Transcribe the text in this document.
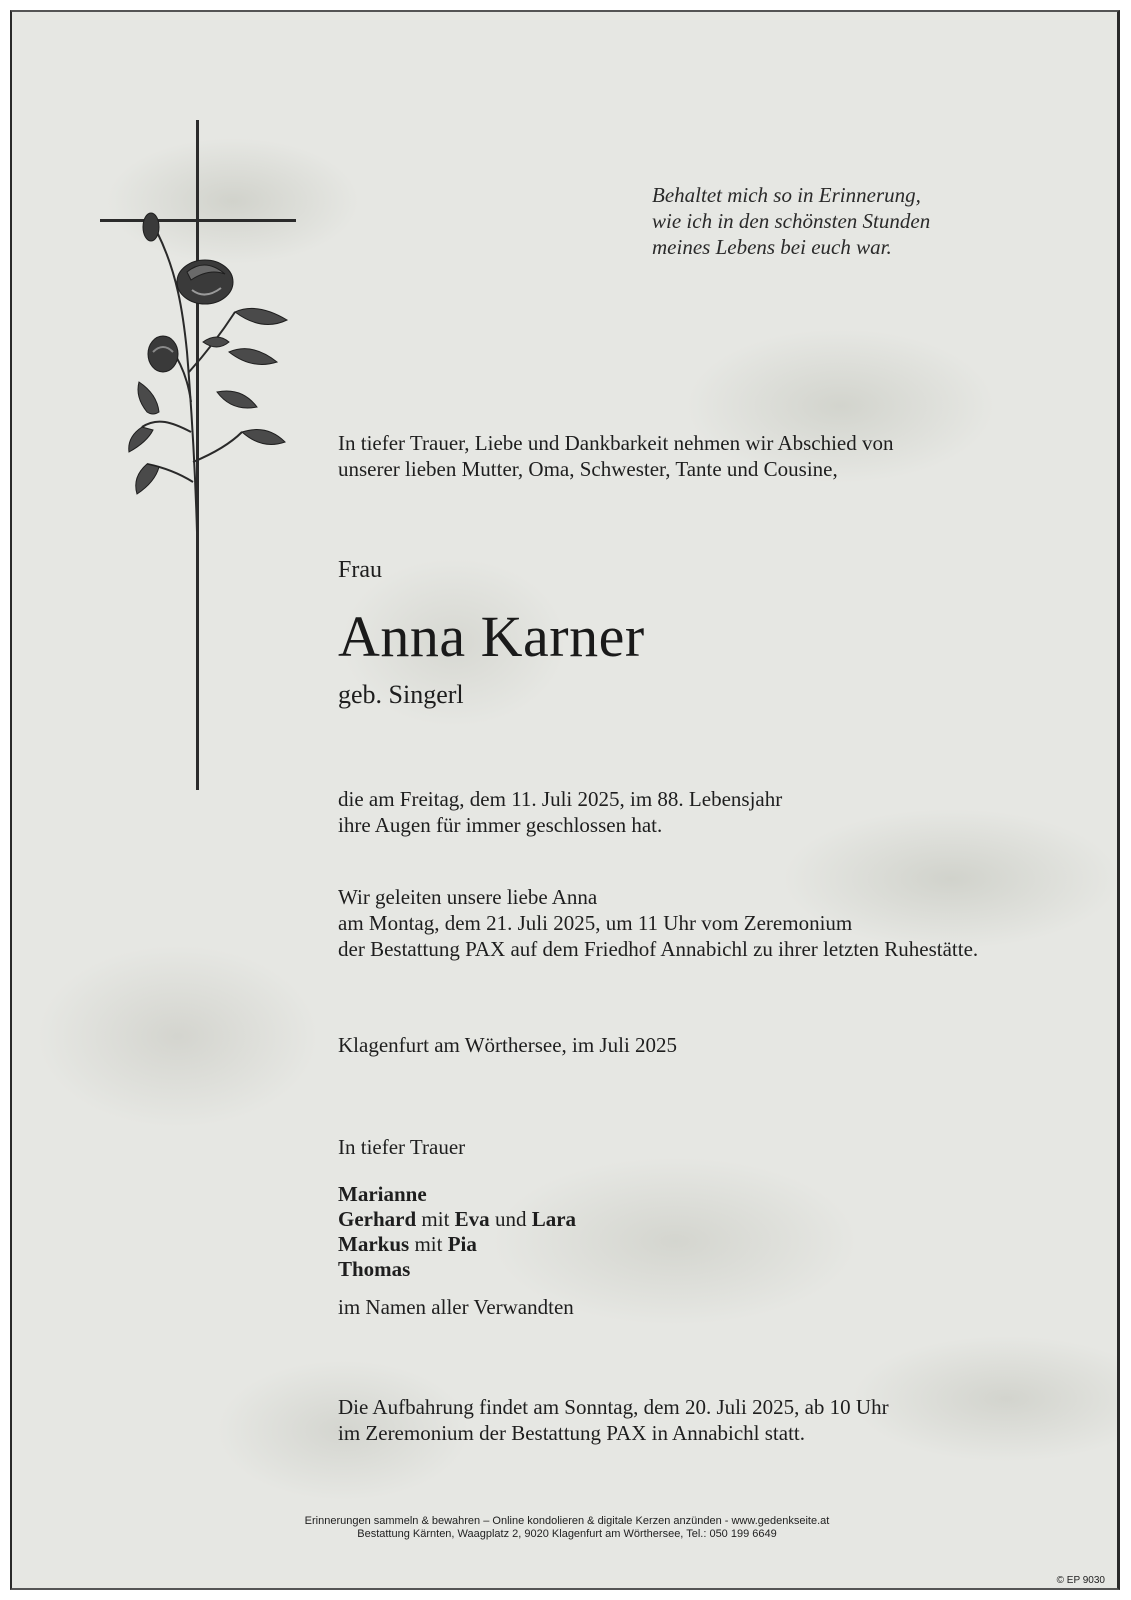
Behaltet mich so in Erinnerung,
wie ich in den schönsten Stunden
meines Lebens bei euch war.
In tiefer Trauer, Liebe und Dankbarkeit nehmen wir Abschied von
unserer lieben Mutter, Oma, Schwester, Tante und Cousine,
Frau
Anna Karner
geb. Singerl
die am Freitag, dem 11. Juli 2025, im 88. Lebensjahr
ihre Augen für immer geschlossen hat.
Wir geleiten unsere liebe Anna
am Montag, dem 21. Juli 2025, um 11 Uhr vom Zeremonium
der Bestattung PAX auf dem Friedhof Annabichl zu ihrer letzten Ruhestätte.
Klagenfurt am Wörthersee, im Juli 2025
In tiefer Trauer
Marianne
Gerhard mit Eva und Lara
Markus mit Pia
Thomas
im Namen aller Verwandten
Die Aufbahrung findet am Sonntag, dem 20. Juli 2025, ab 10 Uhr
im Zeremonium der Bestattung PAX in Annabichl statt.
Erinnerungen sammeln & bewahren – Online kondolieren & digitale Kerzen anzünden - www.gedenkseite.at
Bestattung Kärnten, Waagplatz 2, 9020 Klagenfurt am Wörthersee, Tel.: 050 199 6649
© EP 9030
